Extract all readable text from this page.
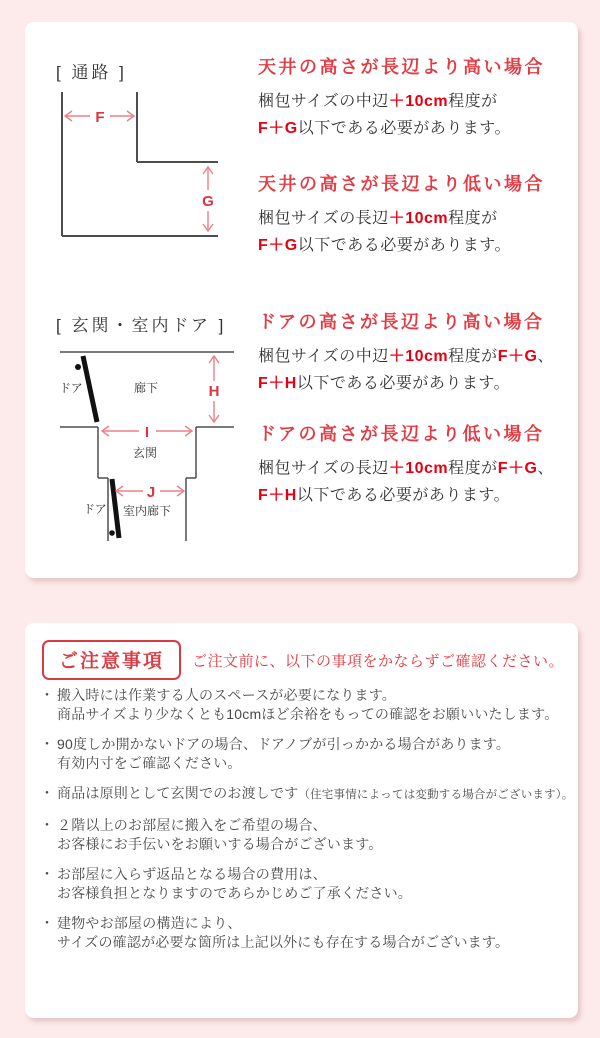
[ 通路 ]
F
G
天井の高さが長辺より高い場合
梱包サイズの中辺＋10cm程度が
F＋G以下である必要があります。
天井の高さが長辺より低い場合
梱包サイズの長辺＋10cm程度が
F＋G以下である必要があります。
[ 玄関・室内ドア ]
H
I
J
ドア	廊下
玄関
ドア 室内廊下
ドアの高さが長辺より高い場合
梱包サイズの中辺＋10cm程度がF＋G、
F＋H以下である必要があります。
ドアの高さが長辺より低い場合
梱包サイズの長辺＋10cm程度がF＋G、
F＋H以下である必要があります。
ご注意事項	ご注文前に、以下の事項をかならずご確認ください。
・ 搬入時には作業する人のスペースが必要になります。
商品サイズより少なくとも10cmほど余裕をもっての確認をお願いいたします。
・ 90度しか開かないドアの場合、ドアノブが引っかかる場合があります。
有効内寸をご確認ください。
・ 商品は原則として玄関でのお渡しです（住宅事情によっては変動する場合がございます）。
・ ２階以上のお部屋に搬入をご希望の場合、
お客様にお手伝いをお願いする場合がございます。
・ お部屋に入らず返品となる場合の費用は、
お客様負担となりますのであらかじめご了承ください。
・ 建物やお部屋の構造により、
サイズの確認が必要な箇所は上記以外にも存在する場合がございます。
